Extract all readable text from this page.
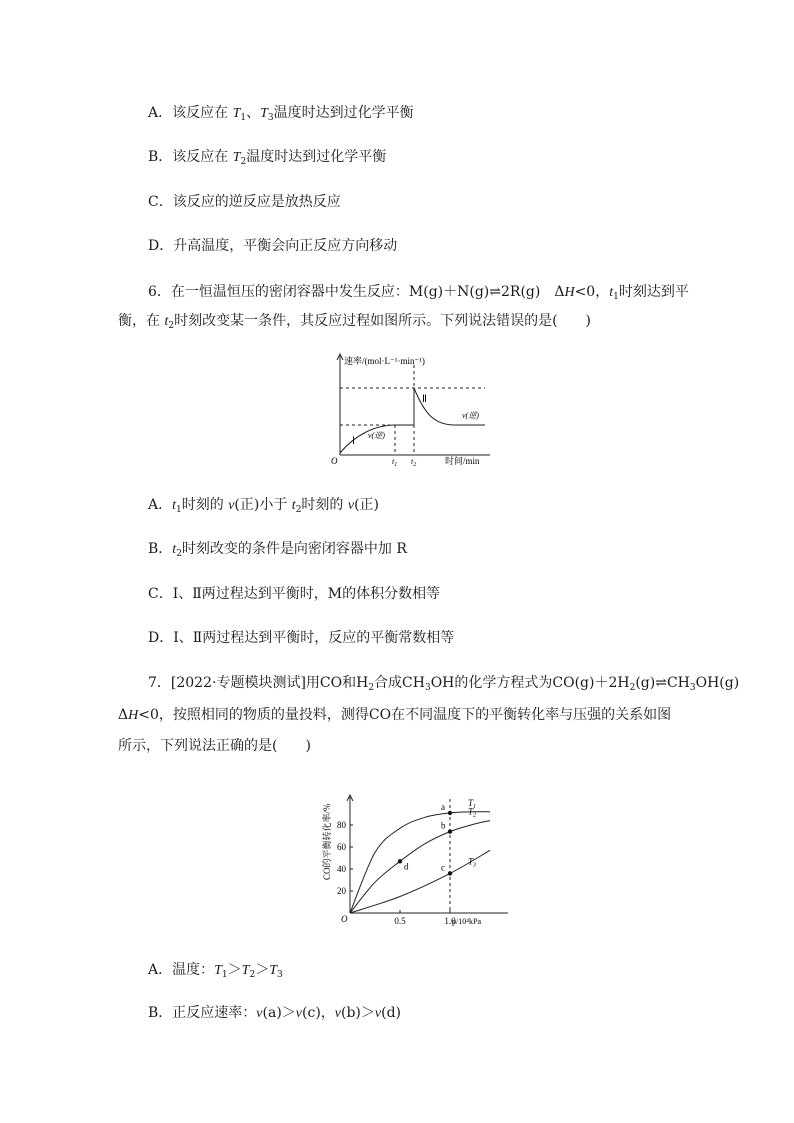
A．该反应在 $T_1$、$T_3$温度时达到过化学平衡
B．该反应在 $T_2$温度时达到过化学平衡
C．该反应的逆反应是放热反应
D．升高温度，平衡会向正反应方向移动
6．在一恒温恒压的密闭容器中发生反应：M(g)＋N(g)⇌2R(g)　ΔH<0，$t_1$时刻达到平
衡，在 $t_2$时刻改变某一条件，其反应过程如图所示。下列说法错误的是(　　)
速率/(mol·L⁻¹·min⁻¹)
O	$t_1$ $t_2$	时间/min
Ⅰ
Ⅱ
v(逆)
v(逆)
A．$t_1$时刻的 v(正)小于 $t_2$时刻的 v(正)
B．$t_2$时刻改变的条件是向密闭容器中加 R
C．Ⅰ、Ⅱ两过程达到平衡时，M的体积分数相等
D．Ⅰ、Ⅱ两过程达到平衡时，反应的平衡常数相等
7．[2022·专题模块测试]用CO和$H_2$合成$CH_3OH$的化学方程式为$CO(g)+2H_2(g)\rightleftharpoons CH_3OH(g)$
ΔH<0，按照相同的物质的量投料，测得CO在不同温度下的平衡转化率与压强的关系如图
所示，下列说法正确的是(　　)
20
40
60
80
0.5	1.0
O	p/10⁴kPa
CO的平衡转化率/%
$T_1$
$T_2$
$T_3$
a
b
c
d
A．温度：$T_1>T_2>T_3$
B．正反应速率：v(a)＞v(c)，v(b)＞v(d)
